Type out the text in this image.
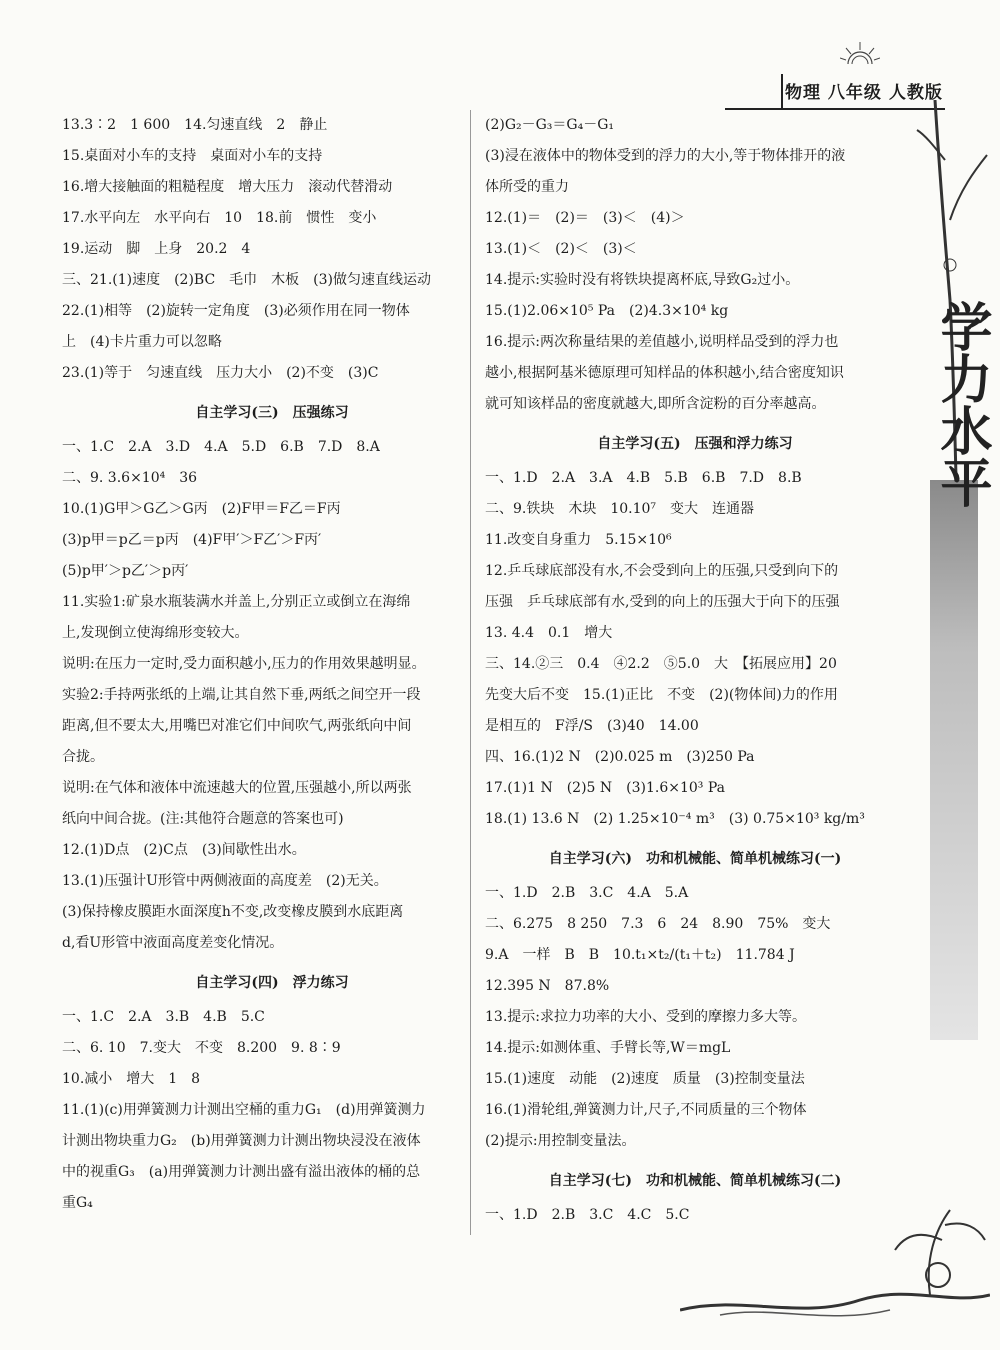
物理 八年级 人教版
学力水平
13.3∶2　1 600　14.匀速直线　2　静止
15.桌面对小车的支持　桌面对小车的支持
16.增大接触面的粗糙程度　增大压力　滚动代替滑动
17.水平向左　水平向右　10　18.前　惯性　变小
19.运动　脚　上身　20.2　4
三、21.(1)速度　(2)BC　毛巾　木板　(3)做匀速直线运动
22.(1)相等　(2)旋转一定角度　(3)必须作用在同一物体
上　(4)卡片重力可以忽略
23.(1)等于　匀速直线　压力大小　(2)不变　(3)C
自主学习(三)　压强练习
一、1.C　2.A　3.D　4.A　5.D　6.B　7.D　8.A
二、9. 3.6×10⁴　36
10.(1)G甲＞G乙＞G丙　(2)F甲＝F乙＝F丙
(3)p甲＝p乙＝p丙　(4)F甲′＞F乙′＞F丙′
(5)p甲′＞p乙′＞p丙′
11.实验1:矿泉水瓶装满水并盖上,分别正立或倒立在海绵
上,发现倒立使海绵形变较大。
说明:在压力一定时,受力面积越小,压力的作用效果越明显。
实验2:手持两张纸的上端,让其自然下垂,两纸之间空开一段
距离,但不要太大,用嘴巴对准它们中间吹气,两张纸向中间
合拢。
说明:在气体和液体中流速越大的位置,压强越小,所以两张
纸向中间合拢。(注:其他符合题意的答案也可)
12.(1)D点　(2)C点　(3)间歇性出水。
13.(1)压强计U形管中两侧液面的高度差　(2)无关。
(3)保持橡皮膜距水面深度h不变,改变橡皮膜到水底距离
d,看U形管中液面高度差变化情况。
自主学习(四)　浮力练习
一、1.C　2.A　3.B　4.B　5.C
二、6. 10　7.变大　不变　8.200　9. 8∶9
10.减小　增大　1　8
11.(1)(c)用弹簧测力计测出空桶的重力G₁　(d)用弹簧测力
计测出物块重力G₂　(b)用弹簧测力计测出物块浸没在液体
中的视重G₃　(a)用弹簧测力计测出盛有溢出液体的桶的总
重G₄
(2)G₂－G₃＝G₄－G₁
(3)浸在液体中的物体受到的浮力的大小,等于物体排开的液
体所受的重力
12.(1)＝　(2)＝　(3)＜　(4)＞
13.(1)＜　(2)＜　(3)＜
14.提示:实验时没有将铁块提离杯底,导致G₂过小。
15.(1)2.06×10⁵ Pa　(2)4.3×10⁴ kg
16.提示:两次称量结果的差值越小,说明样品受到的浮力也
越小,根据阿基米德原理可知样品的体积越小,结合密度知识
就可知该样品的密度就越大,即所含淀粉的百分率越高。
自主学习(五)　压强和浮力练习
一、1.D　2.A　3.A　4.B　5.B　6.B　7.D　8.B
二、9.铁块　木块　10.10⁷　变大　连通器
11.改变自身重力　5.15×10⁶
12.乒乓球底部没有水,不会受到向上的压强,只受到向下的
压强　乒乓球底部有水,受到的向上的压强大于向下的压强
13. 4.4　0.1　增大
三、14.②三　0.4　④2.2　⑤5.0　大　【拓展应用】20
先变大后不变　15.(1)正比　不变　(2)(物体间)力的作用
是相互的　F浮/S　(3)40　14.00
四、16.(1)2 N　(2)0.025 m　(3)250 Pa
17.(1)1 N　(2)5 N　(3)1.6×10³ Pa
18.(1) 13.6 N　(2) 1.25×10⁻⁴ m³　(3) 0.75×10³ kg/m³
自主学习(六)　功和机械能、简单机械练习(一)
一、1.D　2.B　3.C　4.A　5.A
二、6.275　8 250　7.3　6　24　8.90　75%　变大
9.A　一样　B　B　10.t₁×t₂/(t₁＋t₂)　11.784 J
12.395 N　87.8%
13.提示:求拉力功率的大小、受到的摩擦力多大等。
14.提示:如测体重、手臂长等,W＝mgL
15.(1)速度　动能　(2)速度　质量　(3)控制变量法
16.(1)滑轮组,弹簧测力计,尺子,不同质量的三个物体
(2)提示:用控制变量法。
自主学习(七)　功和机械能、简单机械练习(二)
一、1.D　2.B　3.C　4.C　5.C
